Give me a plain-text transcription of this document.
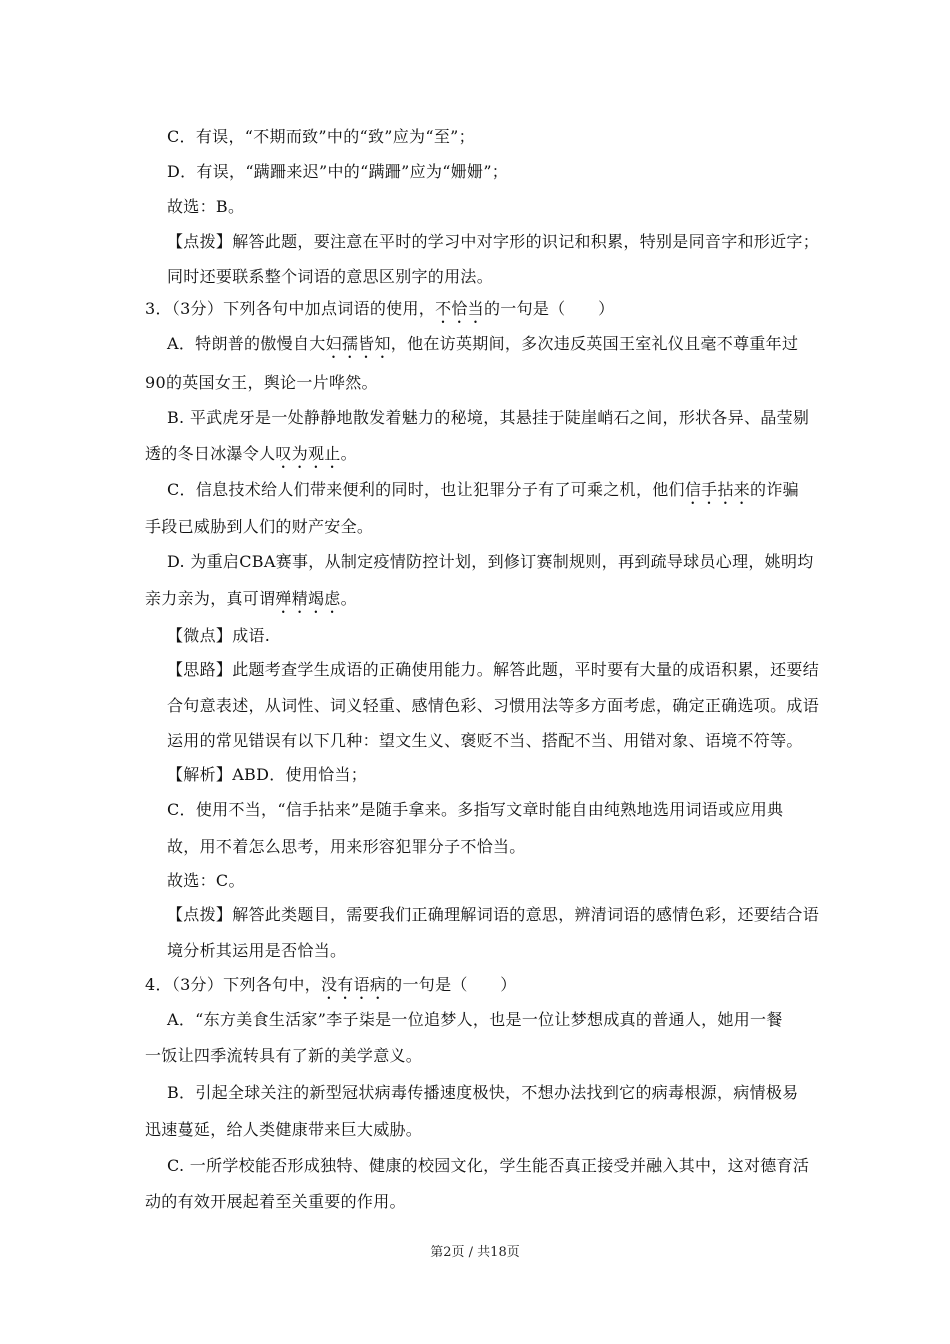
C．有误，“不期而致”中的“致”应为“至”；
D．有误，“蹒跚来迟”中的“蹒跚”应为“姗姗”；
故选：B。
【点拨】解答此题，要注意在平时的学习中对字形的识记和积累，特别是同音字和形近字；
同时还要联系整个词语的意思区别字的用法。
3．（3分）下列各句中加点词语的使用，不恰当的一句是（　　）
A．特朗普的傲慢自大妇孺皆知，他在访英期间，多次违反英国王室礼仪且毫不尊重年过
90的英国女王，舆论一片哗然。
B. 平武虎牙是一处静静地散发着魅力的秘境，其悬挂于陡崖峭石之间，形状各异、晶莹剔
透的冬日冰瀑令人叹为观止。
C．信息技术给人们带来便利的同时，也让犯罪分子有了可乘之机，他们信手拈来的诈骗
手段已威胁到人们的财产安全。
D. 为重启CBA赛事，从制定疫情防控计划，到修订赛制规则，再到疏导球员心理，姚明均
亲力亲为，真可谓殚精竭虑。
【微点】成语.
【思路】此题考查学生成语的正确使用能力。解答此题，平时要有大量的成语积累，还要结
合句意表述，从词性、词义轻重、感情色彩、习惯用法等多方面考虑，确定正确选项。成语
运用的常见错误有以下几种：望文生义、褒贬不当、搭配不当、用错对象、语境不符等。
【解析】ABD．使用恰当；
C．使用不当，“信手拈来”是随手拿来。多指写文章时能自由纯熟地选用词语或应用典
故，用不着怎么思考，用来形容犯罪分子不恰当。
故选：C。
【点拨】解答此类题目，需要我们正确理解词语的意思，辨清词语的感情色彩，还要结合语
境分析其运用是否恰当。
4．（3分）下列各句中，没有语病的一句是（　　）
A．“东方美食生活家”李子柒是一位追梦人，也是一位让梦想成真的普通人，她用一餐
一饭让四季流转具有了新的美学意义。
B．引起全球关注的新型冠状病毒传播速度极快，不想办法找到它的病毒根源，病情极易
迅速蔓延，给人类健康带来巨大威胁。
C. 一所学校能否形成独特、健康的校园文化，学生能否真正接受并融入其中，这对德育活
动的有效开展起着至关重要的作用。
第2页 / 共18页
